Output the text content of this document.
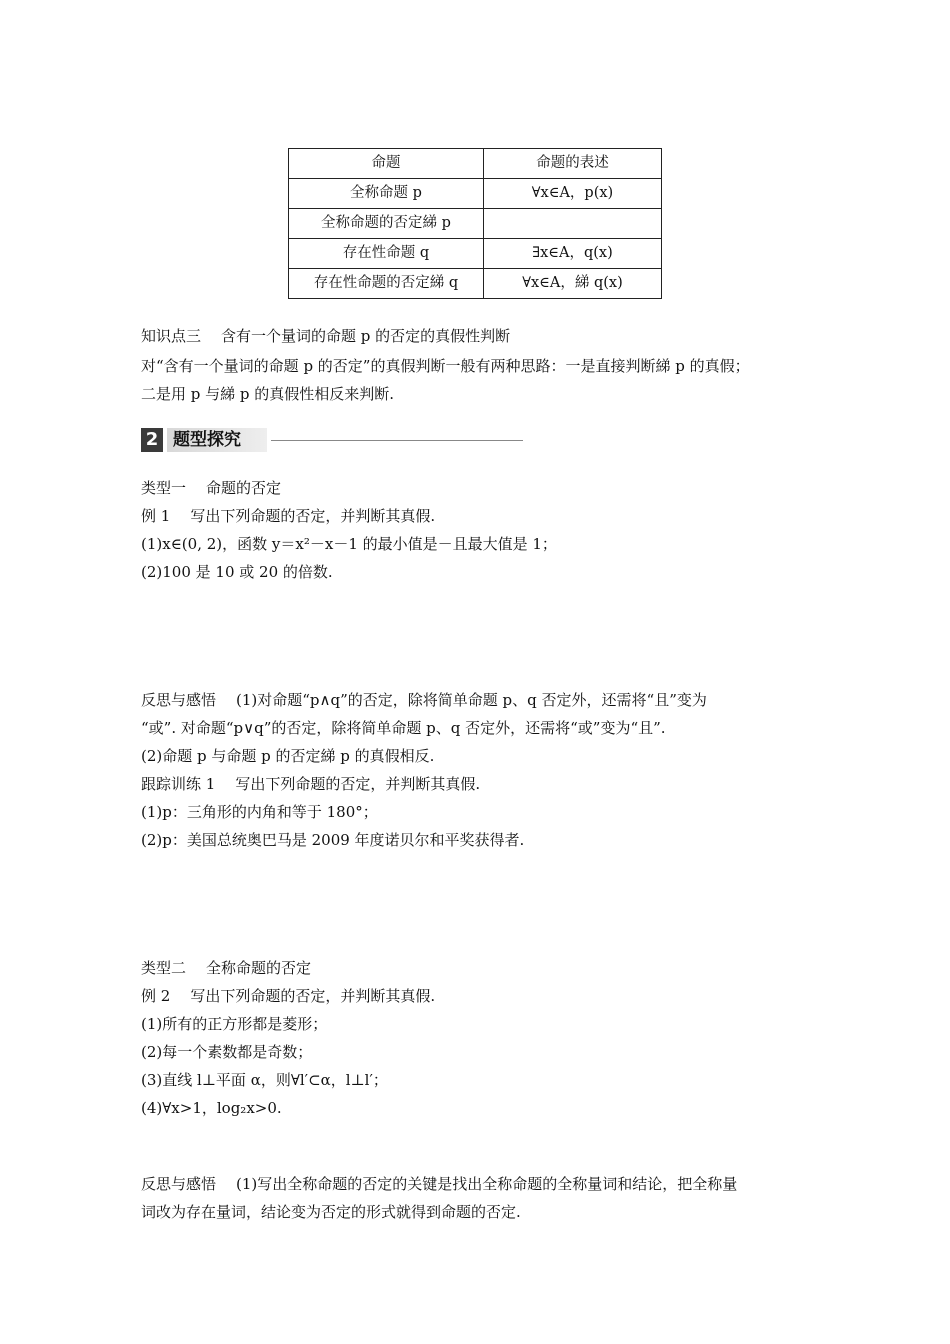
命题	命题的表述
全称命题 p	∀x∈A，p(x)
全称命题的否定綈 p	
存在性命题 q	∃x∈A，q(x)
存在性命题的否定綈 q	∀x∈A，綈 q(x)
知识点三 含有一个量词的命题 p 的否定的真假性判断
对“含有一个量词的命题 p 的否定”的真假判断一般有两种思路：一是直接判断綈 p 的真假；
二是用 p 与綈 p 的真假性相反来判断.
2 题型探究
类型一 命题的否定
例 1 写出下列命题的否定，并判断其真假.
(1)x∈(0, 2)，函数 y＝x²－x－1 的最小值是－且最大值是 1；
(2)100 是 10 或 20 的倍数.
反思与感悟 (1)对命题“p∧q”的否定，除将简单命题 p、q 否定外，还需将“且”变为
“或”. 对命题“p∨q”的否定，除将简单命题 p、q 否定外，还需将“或”变为“且”.
(2)命题 p 与命题 p 的否定綈 p 的真假相反.
跟踪训练 1 写出下列命题的否定，并判断其真假.
(1)p：三角形的内角和等于 180°；
(2)p：美国总统奥巴马是 2009 年度诺贝尔和平奖获得者.
类型二 全称命题的否定
例 2 写出下列命题的否定，并判断其真假.
(1)所有的正方形都是菱形；
(2)每一个素数都是奇数；
(3)直线 l⊥平面 α，则∀l′⊂α，l⊥l′；
(4)∀x>1，log₂x>0.
反思与感悟 (1)写出全称命题的否定的关键是找出全称命题的全称量词和结论，把全称量
词改为存在量词，结论变为否定的形式就得到命题的否定.
